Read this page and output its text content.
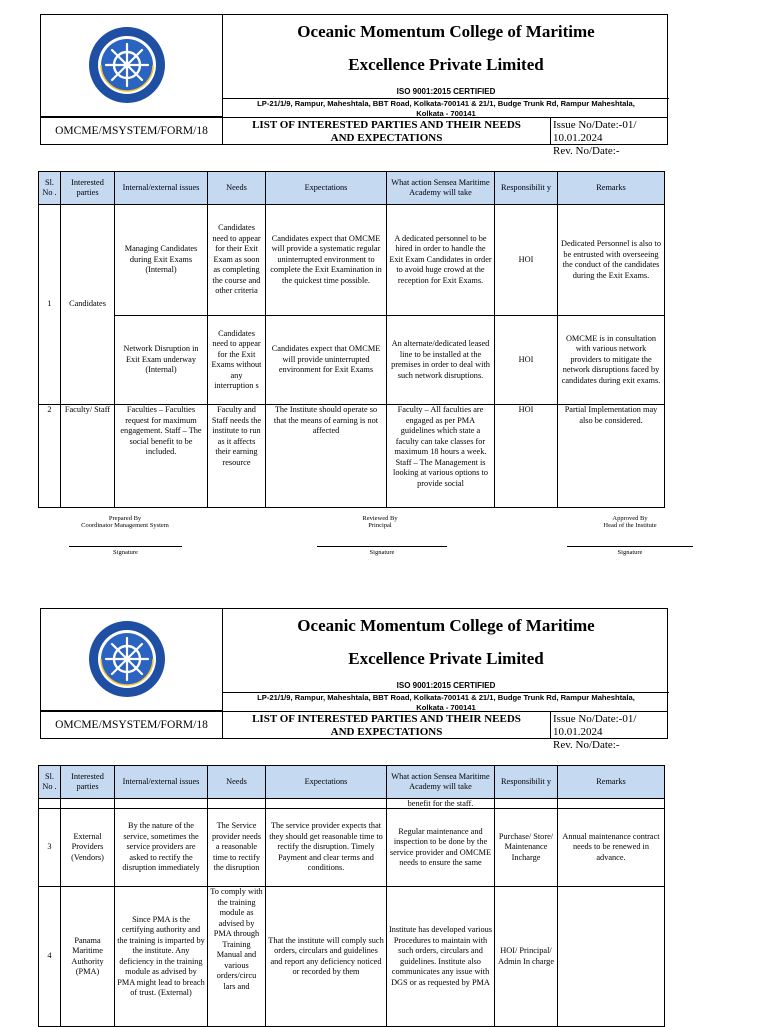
Oceanic Momentum College of Maritime
Excellence Private Limited
ISO 9001:2015 CERTIFIED
LP-21/1/9, Rampur, Maheshtala, BBT Road, Kolkata-700141 & 21/1, Budge Trunk Rd, Rampur Maheshtala,
Kolkata - 700141
OMCME/MSYSTEM/FORM/18	LIST OF INTERESTED PARTIES AND THEIR NEEDS
AND EXPECTATIONS
Issue No/Date:-01/ 10.01.2024
Rev. No/Date:-
Sl. No .	Interested parties	Internal/external issues	Needs	Expectations	What action Sensea Maritime Academy will take	Responsibilit y	Remarks
1	Candidates	Managing Candidates during Exit Exams (Internal)	Candidates need to appear for their Exit Exam as soon as completing the course and other criteria	Candidates expect that OMCME will provide a systematic regular uninterrupted environment to complete the Exit Examination in the quickest time possible.	A dedicated personnel to be hired in order to handle the Exit Exam Candidates in order to avoid huge crowd at the reception for Exit Exams.	HOI	Dedicated Personnel is also to be entrusted with overseeing the conduct of the candidates during the Exit Exams.
		Network Disruption in Exit Exam underway (Internal)	Candidates need to appear for the Exit Exams without any interruption s	Candidates expect that OMCME will provide uninterrupted environment for Exit Exams	An alternate/dedicated leased line to be installed at the premises in order to deal with such network disruptions.	HOI	OMCME is in consultation with various network providers to mitigate the network disruptions faced by candidates during exit exams.
2	Faculty/ Staff	Faculties – Faculties request for maximum engagement. Staff – The social benefit to be included.	Faculty and Staff needs the institute to run as it affects their earning resource	The Institute should operate so that the means of earning is not affected	Faculty – All faculties are engaged as per PMA guidelines which state a faculty can take classes for maximum 18 hours a week. Staff – The Management is looking at various options to provide social	HOI	Partial Implementation may also be considered.
Prepared By
Coordinator Management System
Signature
Reviewed By
Principal
Signature
Approved By
Head of the Institute
Signature
Oceanic Momentum College of Maritime
Excellence Private Limited
ISO 9001:2015 CERTIFIED
LP-21/1/9, Rampur, Maheshtala, BBT Road, Kolkata-700141 & 21/1, Budge Trunk Rd, Rampur Maheshtala,
Kolkata - 700141
OMCME/MSYSTEM/FORM/18	LIST OF INTERESTED PARTIES AND THEIR NEEDS
AND EXPECTATIONS
Issue No/Date:-01/ 10.01.2024
Rev. No/Date:-
Sl. No .	Interested parties	Internal/external issues	Needs	Expectations	What action Sensea Maritime Academy will take	Responsibilit y	Remarks
					benefit for the staff.		
3	External Providers (Vendors)	By the nature of the service, sometimes the service providers are asked to rectify the disruption immediately	The Service provider needs a reasonable time to rectify the disruption	The service provider expects that they should get reasonable time to rectify the disruption. Timely Payment and clear terms and conditions.	Regular maintenance and inspection to be done by the service provider and OMCME needs to ensure the same	Purchase/ Store/ Maintenance Incharge	Annual maintenance contract needs to be renewed in advance.
4	Panama Maritime Authority (PMA)	Since PMA is the certifying authority and the training is imparted by the institute. Any deficiency in the training module as advised by PMA might lead to breach of trust. (External)	To comply with the training module as advised by PMA through Training Manual and various orders/circu lars and	That the institute will comply such orders, circulars and guidelines and report any deficiency noticed or recorded by them	Institute has developed various Procedures to maintain with such orders, circulars and guidelines. Institute also communicates any issue with DGS or as requested by PMA	HOI/ Principal/ Admin In charge	
